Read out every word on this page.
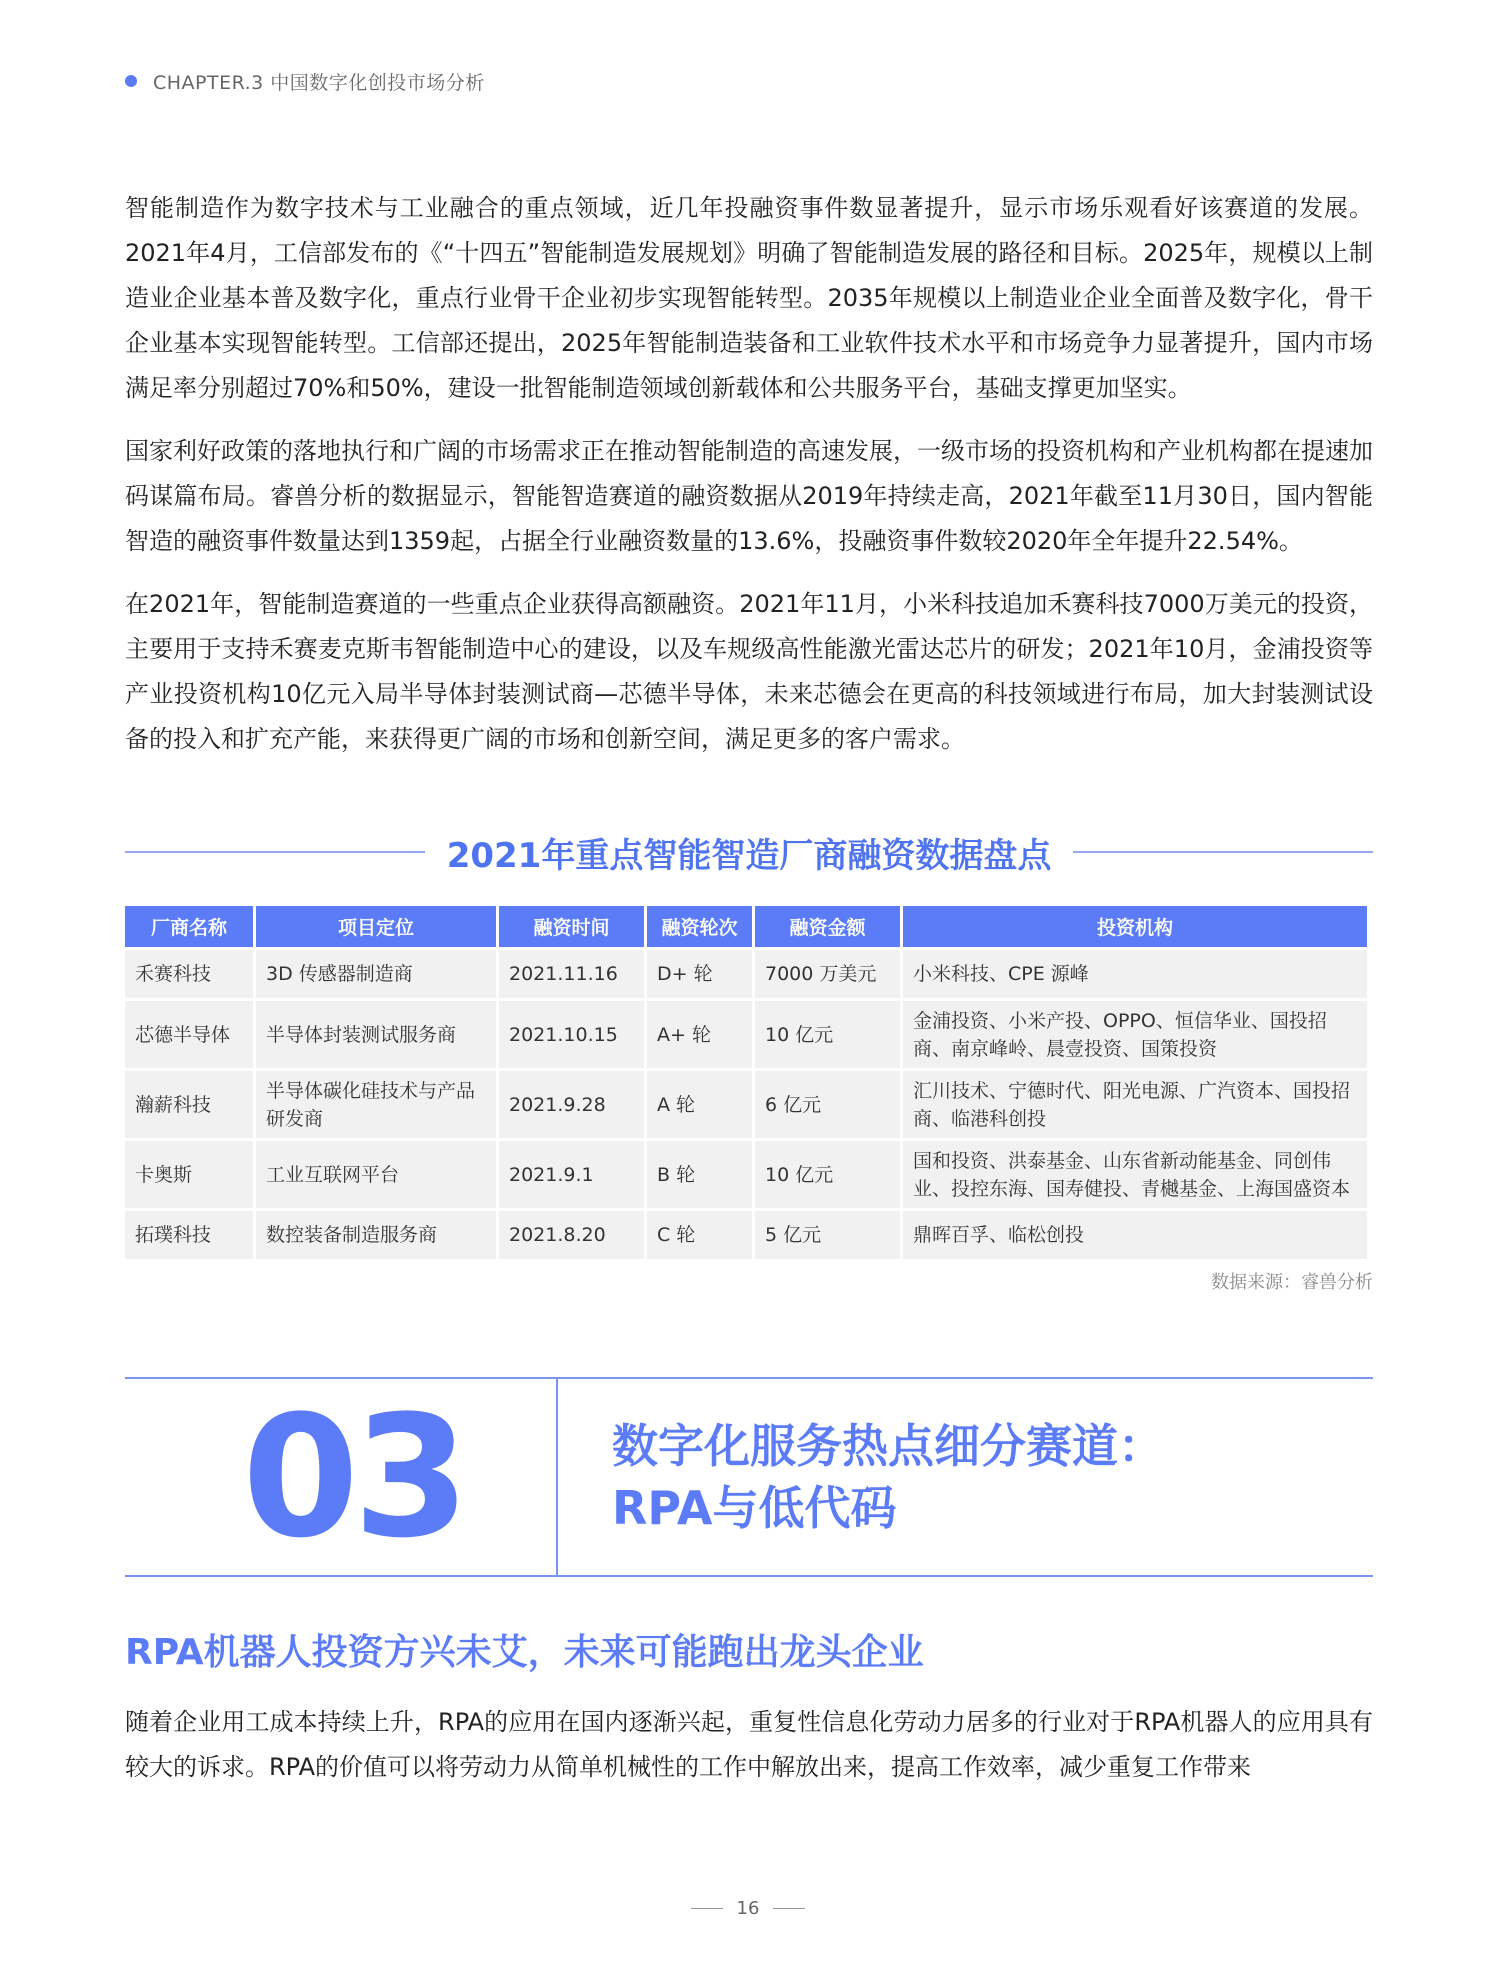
CHAPTER.3 中国数字化创投市场分析

智能制造作为数字技术与工业融合的重点领域，近几年投融资事件数显著提升，显示市场乐观看好该赛道的发展。2021年4月，工信部发布的《“十四五”智能制造发展规划》明确了智能制造发展的路径和目标。2025年，规模以上制造业企业基本普及数字化，重点行业骨干企业初步实现智能转型。2035年规模以上制造业企业全面普及数字化，骨干企业基本实现智能转型。工信部还提出，2025年智能制造装备和工业软件技术水平和市场竞争力显著提升，国内市场满足率分别超过70%和50%，建设一批智能制造领域创新载体和公共服务平台，基础支撑更加坚实。

国家利好政策的落地执行和广阔的市场需求正在推动智能制造的高速发展，一级市场的投资机构和产业机构都在提速加码谋篇布局。睿兽分析的数据显示，智能智造赛道的融资数据从2019年持续走高，2021年截至11月30日，国内智能智造的融资事件数量达到1359起，占据全行业融资数量的13.6%，投融资事件数较2020年全年提升22.54%。

在2021年，智能制造赛道的一些重点企业获得高额融资。2021年11月，小米科技追加禾赛科技7000万美元的投资，主要用于支持禾赛麦克斯韦智能制造中心的建设，以及车规级高性能激光雷达芯片的研发；2021年10月，金浦投资等产业投资机构10亿元入局半导体封装测试商—芯德半导体，未来芯德会在更高的科技领域进行布局，加大封装测试设备的投入和扩充产能，来获得更广阔的市场和创新空间，满足更多的客户需求。

2021年重点智能智造厂商融资数据盘点
厂商名称	项目定位	融资时间	融资轮次	融资金额	投资机构
禾赛科技	3D 传感器制造商	2021.11.16	D+ 轮	7000 万美元	小米科技、CPE 源峰
芯德半导体	半导体封装测试服务商	2021.10.15	A+ 轮	10 亿元	金浦投资、小米产投、OPPO、恒信华业、国投招商、南京峰岭、晨壹投资、国策投资
瀚薪科技	半导体碳化硅技术与产品研发商	2021.9.28	A 轮	6 亿元	汇川技术、宁德时代、阳光电源、广汽资本、国投招商、临港科创投
卡奥斯	工业互联网平台	2021.9.1	B 轮	10 亿元	国和投资、洪泰基金、山东省新动能基金、同创伟业、投控东海、国寿健投、青樾基金、上海国盛资本
拓璞科技	数控装备制造服务商	2021.8.20	C 轮	5 亿元	鼎晖百孚、临松创投
数据来源：睿兽分析
03	数字化服务热点细分赛道：
RPA与低代码
RPA机器人投资方兴未艾，未来可能跑出龙头企业

随着企业用工成本持续上升，RPA的应用在国内逐渐兴起，重复性信息化劳动力居多的行业对于RPA机器人的应用具有较大的诉求。RPA的价值可以将劳动力从简单机械性的工作中解放出来，提高工作效率，减少重复工作带来

16
